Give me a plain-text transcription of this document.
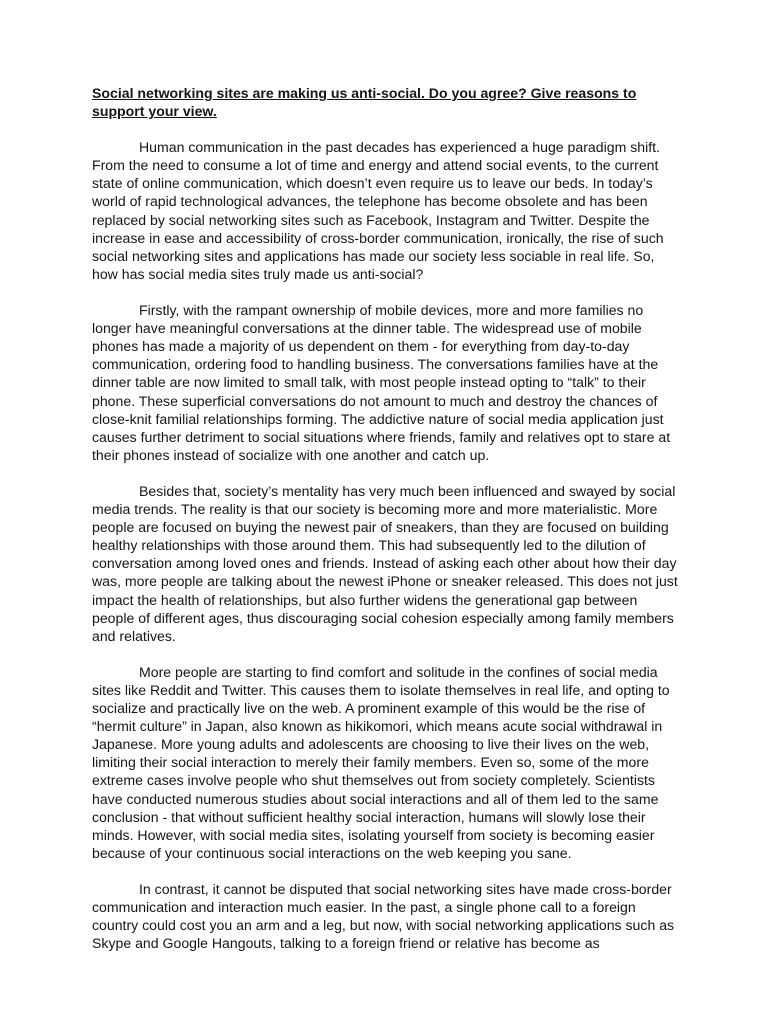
Social networking sites are making us anti-social. Do you agree? Give reasons to support your view.

Human communication in the past decades has experienced a huge paradigm shift. From the need to consume a lot of time and energy and attend social events, to the current state of online communication, which doesn’t even require us to leave our beds. In today’s world of rapid technological advances, the telephone has become obsolete and has been replaced by social networking sites such as Facebook, Instagram and Twitter. Despite the increase in ease and accessibility of cross-border communication, ironically, the rise of such social networking sites and applications has made our society less sociable in real life. So, how has social media sites truly made us anti-social?

Firstly, with the rampant ownership of mobile devices, more and more families no longer have meaningful conversations at the dinner table. The widespread use of mobile phones has made a majority of us dependent on them - for everything from day-to-day communication, ordering food to handling business. The conversations families have at the dinner table are now limited to small talk, with most people instead opting to “talk” to their phone. These superficial conversations do not amount to much and destroy the chances of close-knit familial relationships forming. The addictive nature of social media application just causes further detriment to social situations where friends, family and relatives opt to stare at their phones instead of socialize with one another and catch up.

Besides that, society’s mentality has very much been influenced and swayed by social media trends. The reality is that our society is becoming more and more materialistic. More people are focused on buying the newest pair of sneakers, than they are focused on building healthy relationships with those around them. This had subsequently led to the dilution of conversation among loved ones and friends. Instead of asking each other about how their day was, more people are talking about the newest iPhone or sneaker released. This does not just impact the health of relationships, but also further widens the generational gap between people of different ages, thus discouraging social cohesion especially among family members and relatives.

More people are starting to find comfort and solitude in the confines of social media sites like Reddit and Twitter. This causes them to isolate themselves in real life, and opting to socialize and practically live on the web. A prominent example of this would be the rise of “hermit culture” in Japan, also known as hikikomori, which means acute social withdrawal in Japanese. More young adults and adolescents are choosing to live their lives on the web, limiting their social interaction to merely their family members. Even so, some of the more extreme cases involve people who shut themselves out from society completely. Scientists have conducted numerous studies about social interactions and all of them led to the same conclusion - that without sufficient healthy social interaction, humans will slowly lose their minds. However, with social media sites, isolating yourself from society is becoming easier because of your continuous social interactions on the web keeping you sane.

In contrast, it cannot be disputed that social networking sites have made cross-border communication and interaction much easier. In the past, a single phone call to a foreign country could cost you an arm and a leg, but now, with social networking applications such as Skype and Google Hangouts, talking to a foreign friend or relative has become as
